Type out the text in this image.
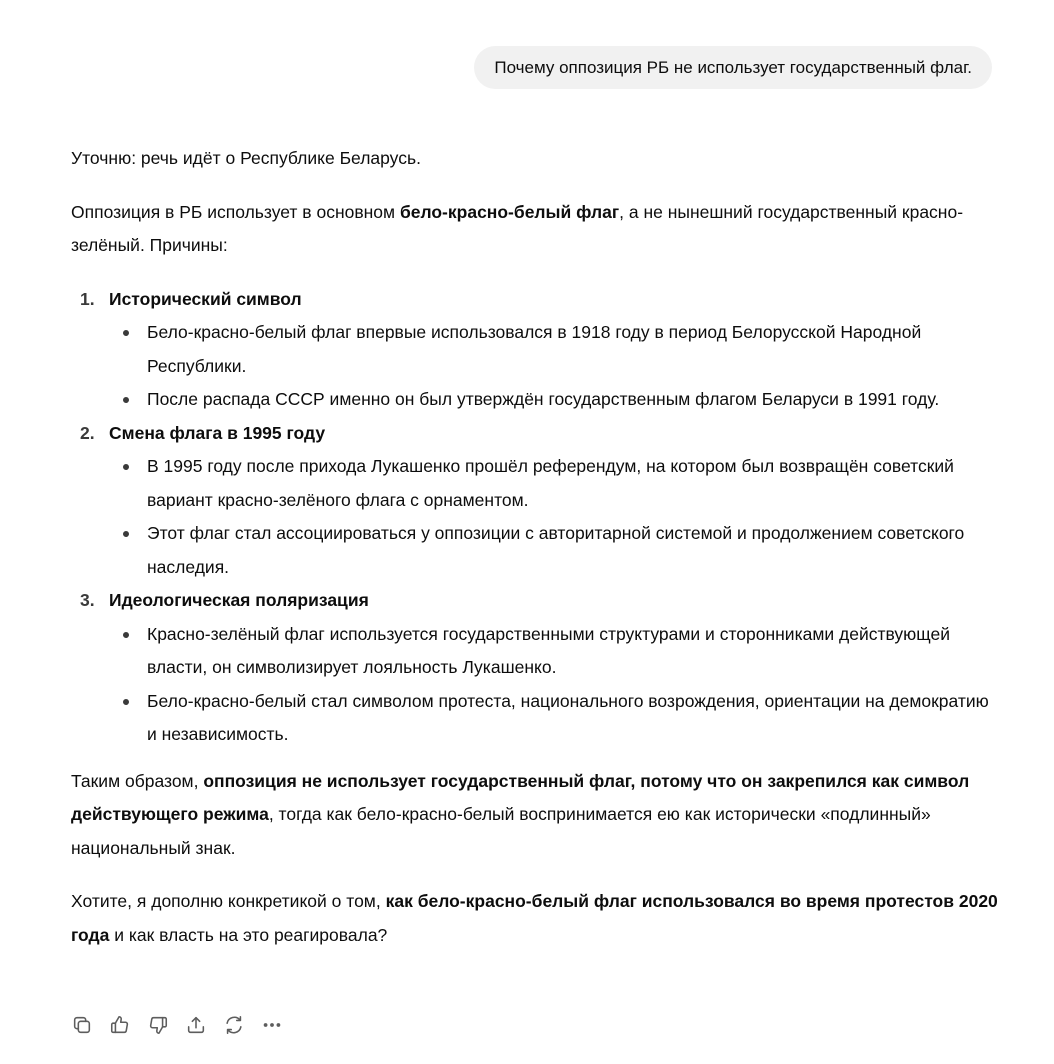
Почему оппозиция РБ не использует государственный флаг.

Уточню: речь идёт о Республике Беларусь.

Оппозиция в РБ использует в основном бело-красно-белый флаг, а не нынешний государственный красно-зелёный. Причины:

1. Исторический символ
Бело-красно-белый флаг впервые использовался в 1918 году в период Белорусской Народной Республики.
После распада СССР именно он был утверждён государственным флагом Беларуси в 1991 году.
2. Смена флага в 1995 году
В 1995 году после прихода Лукашенко прошёл референдум, на котором был возвращён советский вариант красно-зелёного флага с орнаментом.
Этот флаг стал ассоциироваться у оппозиции с авторитарной системой и продолжением советского наследия.
3. Идеологическая поляризация
Красно-зелёный флаг используется государственными структурами и сторонниками действующей власти, он символизирует лояльность Лукашенко.
Бело-красно-белый стал символом протеста, национального возрождения, ориентации на демократию и независимость.

Таким образом, оппозиция не использует государственный флаг, потому что он закрепился как символ действующего режима, тогда как бело-красно-белый воспринимается ею как исторически «подлинный» национальный знак.

Хотите, я дополню конкретикой о том, как бело-красно-белый флаг использовался во время протестов 2020 года и как власть на это реагировала?
